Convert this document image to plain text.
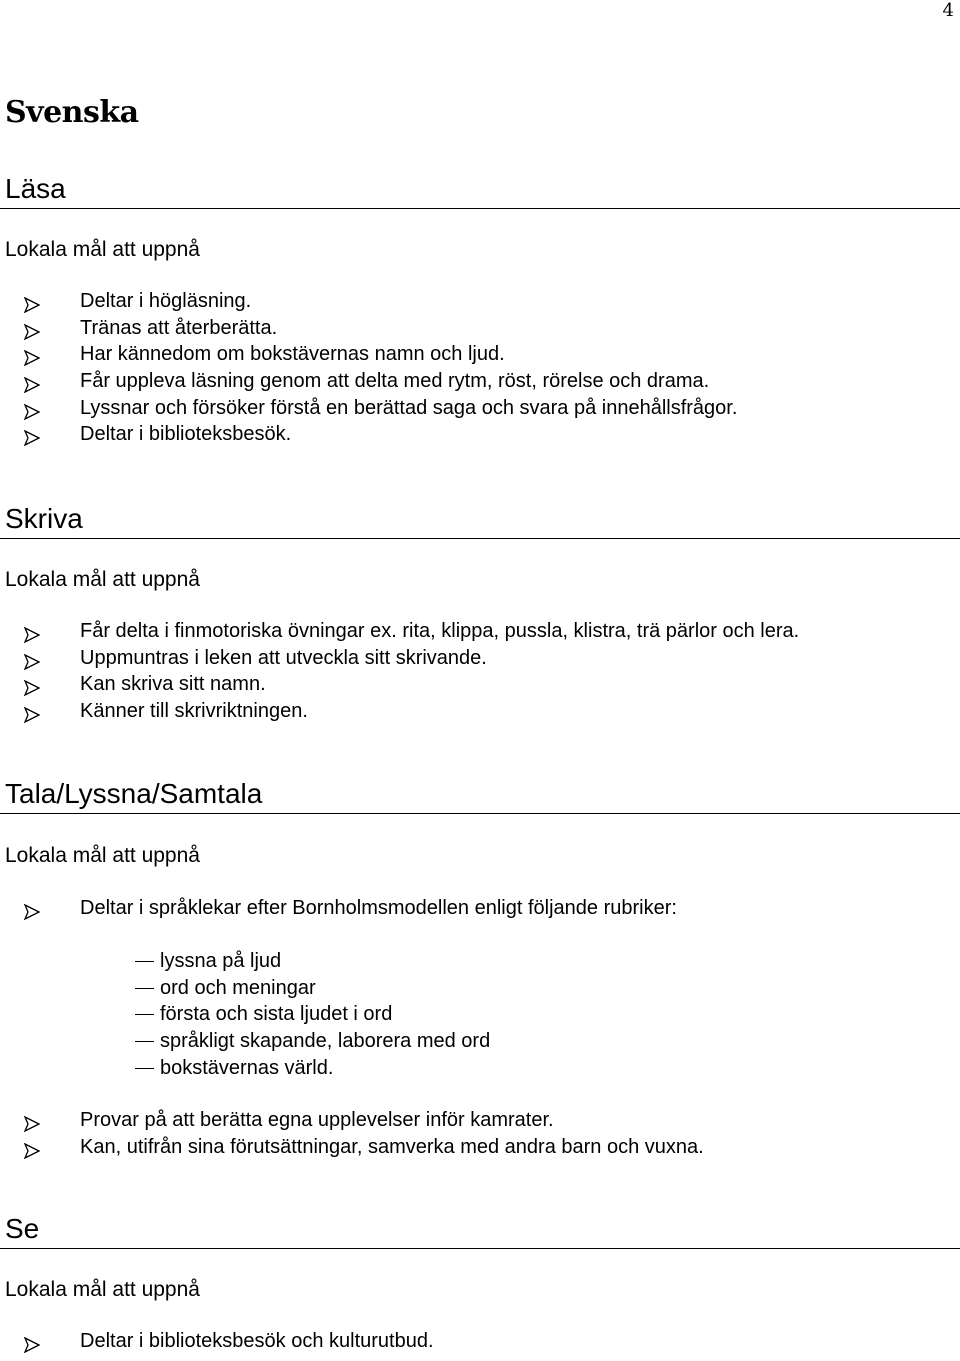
4
Svenska
Läsa
Lokala mål att uppnå
Deltar i högläsning.
Tränas att återberätta.
Har kännedom om bokstävernas namn och ljud.
Får uppleva läsning genom att delta med rytm, röst, rörelse och drama.
Lyssnar och försöker förstå en berättad saga och svara på innehållsfrågor.
Deltar i biblioteksbesök.
Skriva
Lokala mål att uppnå
Får delta i finmotoriska övningar ex. rita, klippa, pussla, klistra, trä pärlor och lera.
Uppmuntras i leken att utveckla sitt skrivande.
Kan skriva sitt namn.
Känner till skrivriktningen.
Tala/Lyssna/Samtala
Lokala mål att uppnå
Deltar i språklekar efter Bornholmsmodellen enligt följande rubriker:
lyssna på ljud
ord och meningar
första och sista ljudet i ord
språkligt skapande, laborera med ord
bokstävernas värld.
Provar på att berätta egna upplevelser inför kamrater.
Kan, utifrån sina förutsättningar, samverka med andra barn och vuxna.
Se
Lokala mål att uppnå
Deltar i biblioteksbesök och kulturutbud.
